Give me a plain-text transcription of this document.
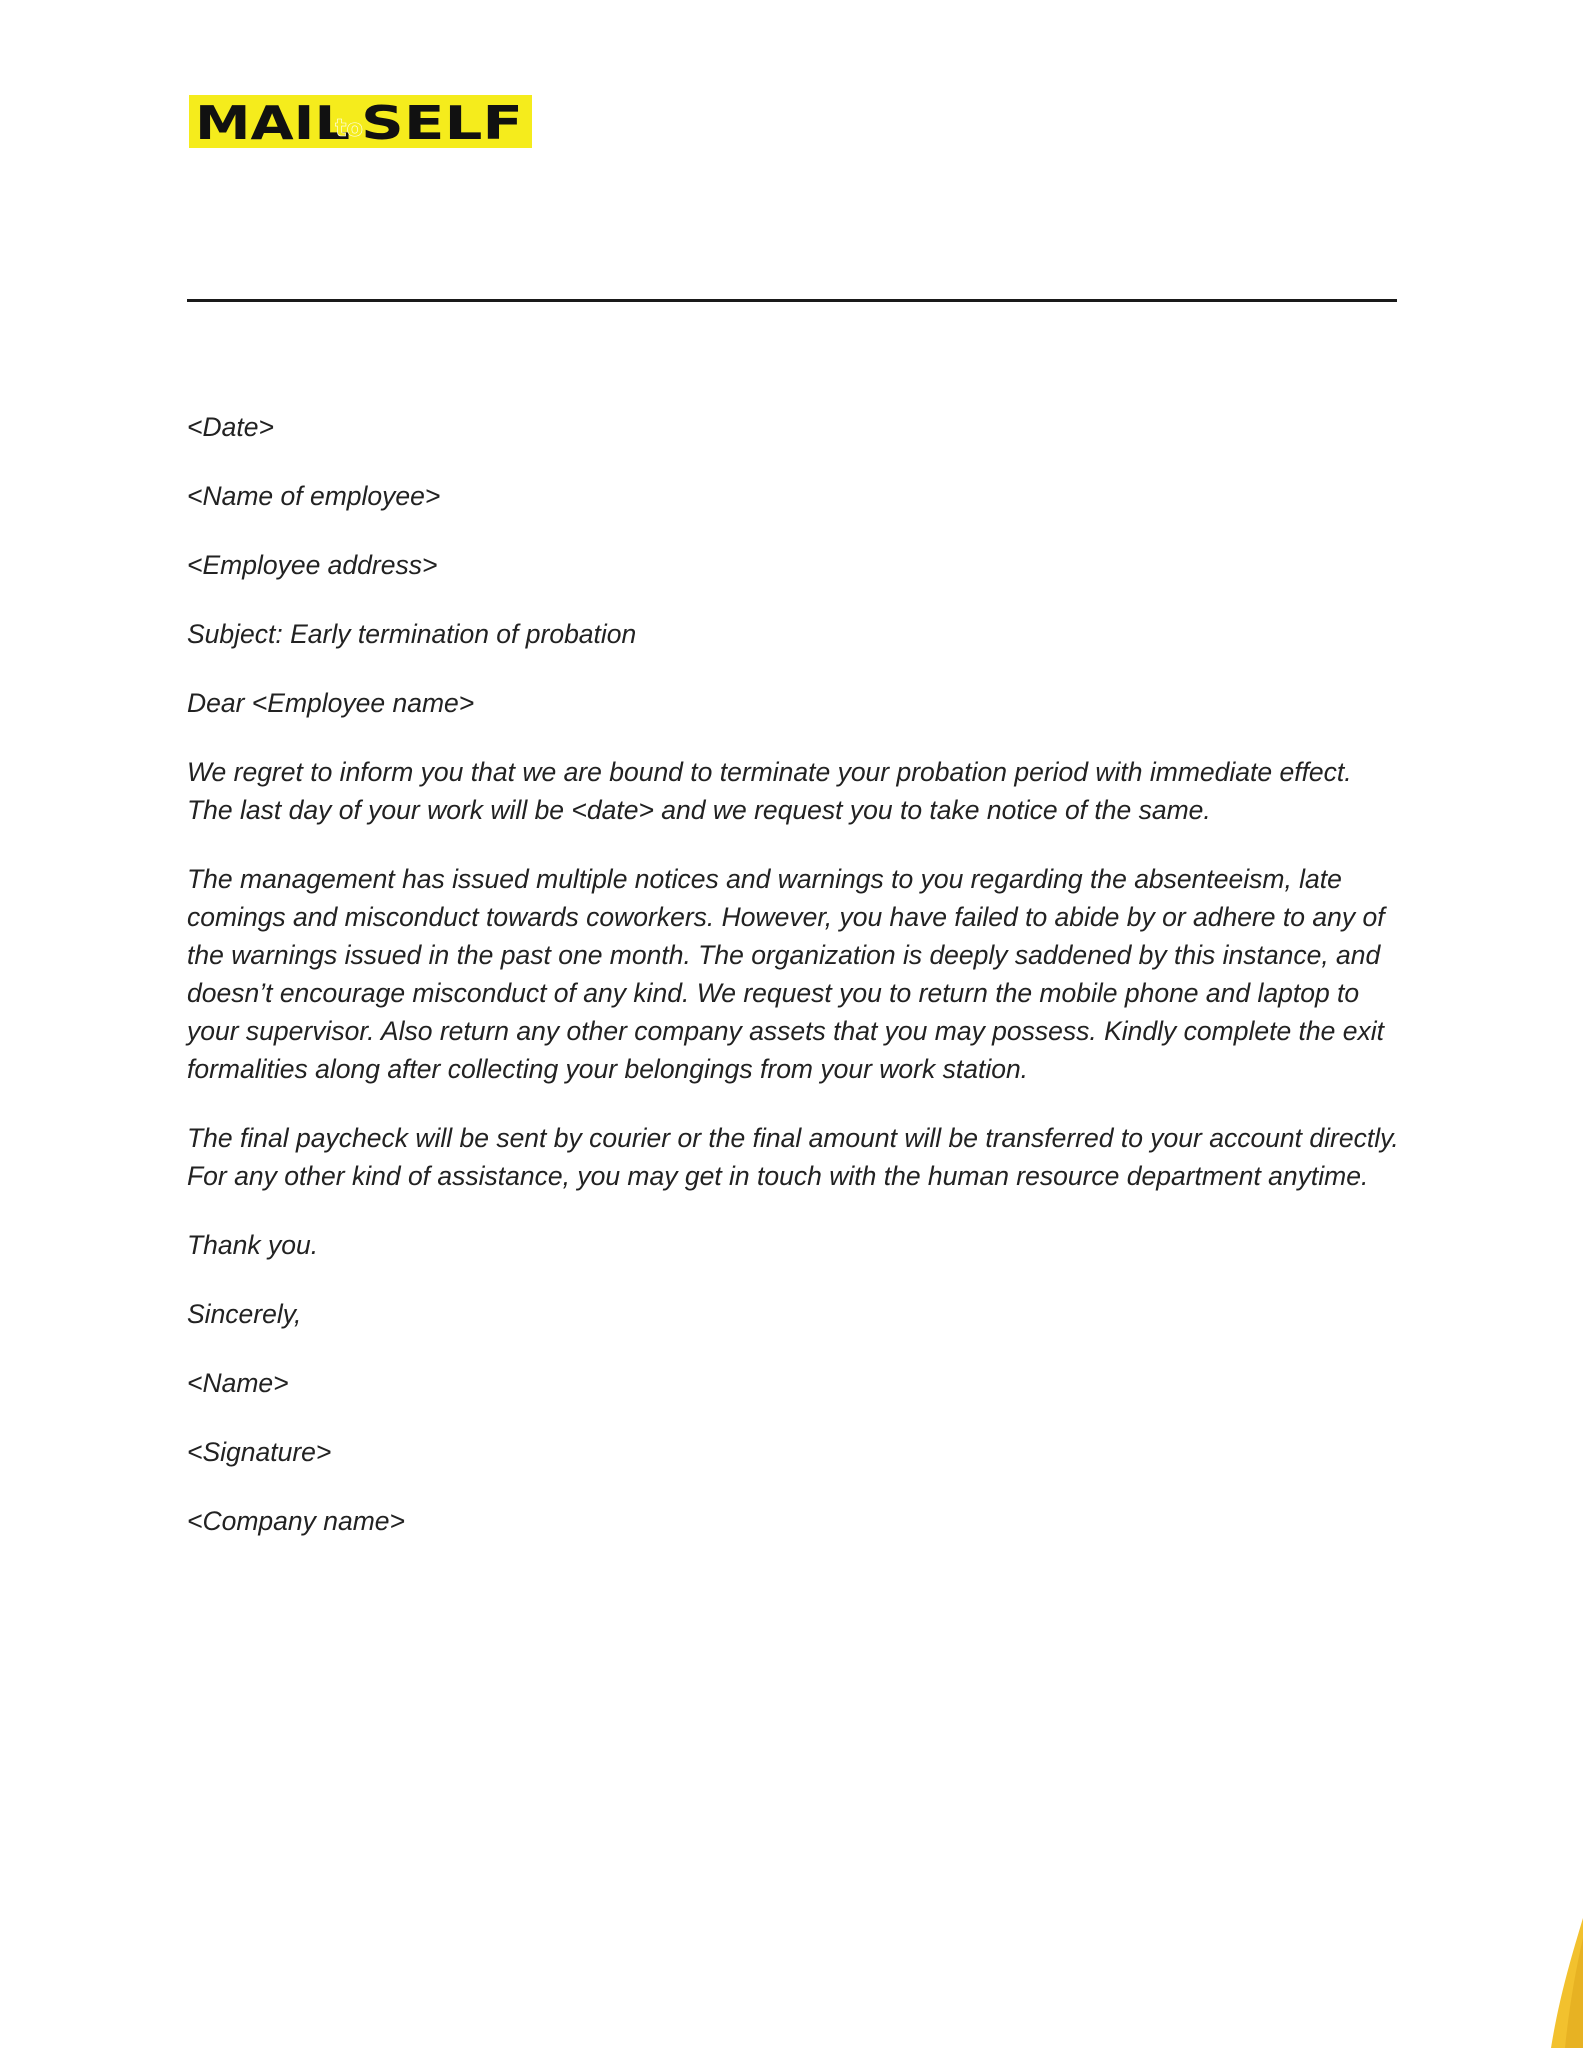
MAIL
to
SELF

<Date>

<Name of employee>

<Employee address>

Subject: Early termination of probation

Dear <Employee name>

We regret to inform you that we are bound to terminate your probation period with immediate effect. The last day of your work will be <date> and we request you to take notice of the same.

The management has issued multiple notices and warnings to you regarding the absenteeism, late comings and misconduct towards coworkers. However, you have failed to abide by or adhere to any of the warnings issued in the past one month. The organization is deeply saddened by this instance, and doesn’t encourage misconduct of any kind. We request you to return the mobile phone and laptop to your supervisor. Also return any other company assets that you may possess. Kindly complete the exit formalities along after collecting your belongings from your work station.

The final paycheck will be sent by courier or the final amount will be transferred to your account directly. For any other kind of assistance, you may get in touch with the human resource department anytime.

Thank you.

Sincerely,

<Name>

<Signature>

<Company name>
